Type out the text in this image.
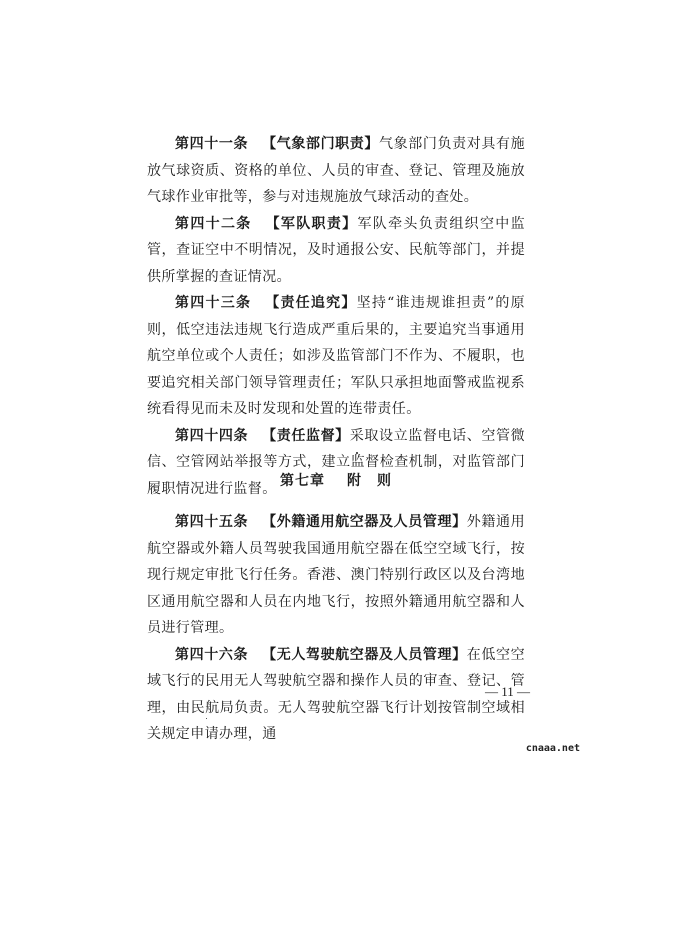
第四十一条 【气象部门职责】气象部门负责对具有施放气球资质、资格的单位、人员的审查、登记、管理及施放气球作业审批等，参与对违规施放气球活动的查处。

第四十二条 【军队职责】军队牵头负责组织空中监管，查证空中不明情况，及时通报公安、民航等部门，并提供所掌握的查证情况。

第四十三条 【责任追究】坚持“谁违规谁担责”的原则，低空违法违规飞行造成严重后果的，主要追究当事通用航空单位或个人责任；如涉及监管部门不作为、不履职，也要追究相关部门领导管理责任；军队只承担地面警戒监视系统看得见而未及时发现和处置的连带责任。

第四十四条 【责任监督】采取设立监督电话、空管微信、空管网站举报等方式，建立监督检查机制，对监管部门履职情况进行监督。 第七章 附　则

第四十五条 【外籍通用航空器及人员管理】外籍通用航空器或外籍人员驾驶我国通用航空器在低空空域飞行，按现行规定审批飞行任务。香港、澳门特别行政区以及台湾地区通用航空器和人员在内地飞行，按照外籍通用航空器和人员进行管理。

第四十六条 【无人驾驶航空器及人员管理】在低空空域飞行的民用无人驾驶航空器和操作人员的审查、登记、管理，由民航局负责。无人驾驶航空器飞行计划按管制空域相关规定申请办理，通

— 11 —
cnaaa.net
